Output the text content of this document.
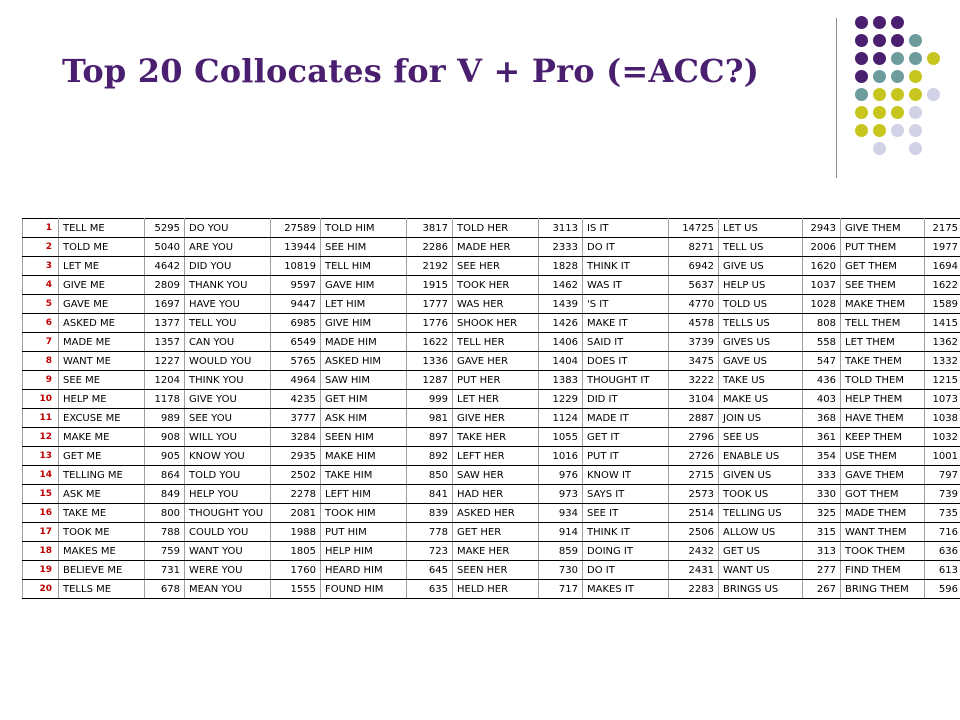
Top 20 Collocates for V + Pro (=ACC?)
1	TELL ME	5295	DO YOU	27589	TOLD HIM	3817	TOLD HER	3113	IS IT	14725	LET US	2943	GIVE THEM	2175
2	TOLD ME	5040	ARE YOU	13944	SEE HIM	2286	MADE HER	2333	DO IT	8271	TELL US	2006	PUT THEM	1977
3	LET ME	4642	DID YOU	10819	TELL HIM	2192	SEE HER	1828	THINK IT	6942	GIVE US	1620	GET THEM	1694
4	GIVE ME	2809	THANK YOU	9597	GAVE HIM	1915	TOOK HER	1462	WAS IT	5637	HELP US	1037	SEE THEM	1622
5	GAVE ME	1697	HAVE YOU	9447	LET HIM	1777	WAS HER	1439	'S IT	4770	TOLD US	1028	MAKE THEM	1589
6	ASKED ME	1377	TELL YOU	6985	GIVE HIM	1776	SHOOK HER	1426	MAKE IT	4578	TELLS US	808	TELL THEM	1415
7	MADE ME	1357	CAN YOU	6549	MADE HIM	1622	TELL HER	1406	SAID IT	3739	GIVES US	558	LET THEM	1362
8	WANT ME	1227	WOULD YOU	5765	ASKED HIM	1336	GAVE HER	1404	DOES IT	3475	GAVE US	547	TAKE THEM	1332
9	SEE ME	1204	THINK YOU	4964	SAW HIM	1287	PUT HER	1383	THOUGHT IT	3222	TAKE US	436	TOLD THEM	1215
10	HELP ME	1178	GIVE YOU	4235	GET HIM	999	LET HER	1229	DID IT	3104	MAKE US	403	HELP THEM	1073
11	EXCUSE ME	989	SEE YOU	3777	ASK HIM	981	GIVE HER	1124	MADE IT	2887	JOIN US	368	HAVE THEM	1038
12	MAKE ME	908	WILL YOU	3284	SEEN HIM	897	TAKE HER	1055	GET IT	2796	SEE US	361	KEEP THEM	1032
13	GET ME	905	KNOW YOU	2935	MAKE HIM	892	LEFT HER	1016	PUT IT	2726	ENABLE US	354	USE THEM	1001
14	TELLING ME	864	TOLD YOU	2502	TAKE HIM	850	SAW HER	976	KNOW IT	2715	GIVEN US	333	GAVE THEM	797
15	ASK ME	849	HELP YOU	2278	LEFT HIM	841	HAD HER	973	SAYS IT	2573	TOOK US	330	GOT THEM	739
16	TAKE ME	800	THOUGHT YOU	2081	TOOK HIM	839	ASKED HER	934	SEE IT	2514	TELLING US	325	MADE THEM	735
17	TOOK ME	788	COULD YOU	1988	PUT HIM	778	GET HER	914	THINK IT	2506	ALLOW US	315	WANT THEM	716
18	MAKES ME	759	WANT YOU	1805	HELP HIM	723	MAKE HER	859	DOING IT	2432	GET US	313	TOOK THEM	636
19	BELIEVE ME	731	WERE YOU	1760	HEARD HIM	645	SEEN HER	730	DO IT	2431	WANT US	277	FIND THEM	613
20	TELLS ME	678	MEAN YOU	1555	FOUND HIM	635	HELD HER	717	MAKES IT	2283	BRINGS US	267	BRING THEM	596
